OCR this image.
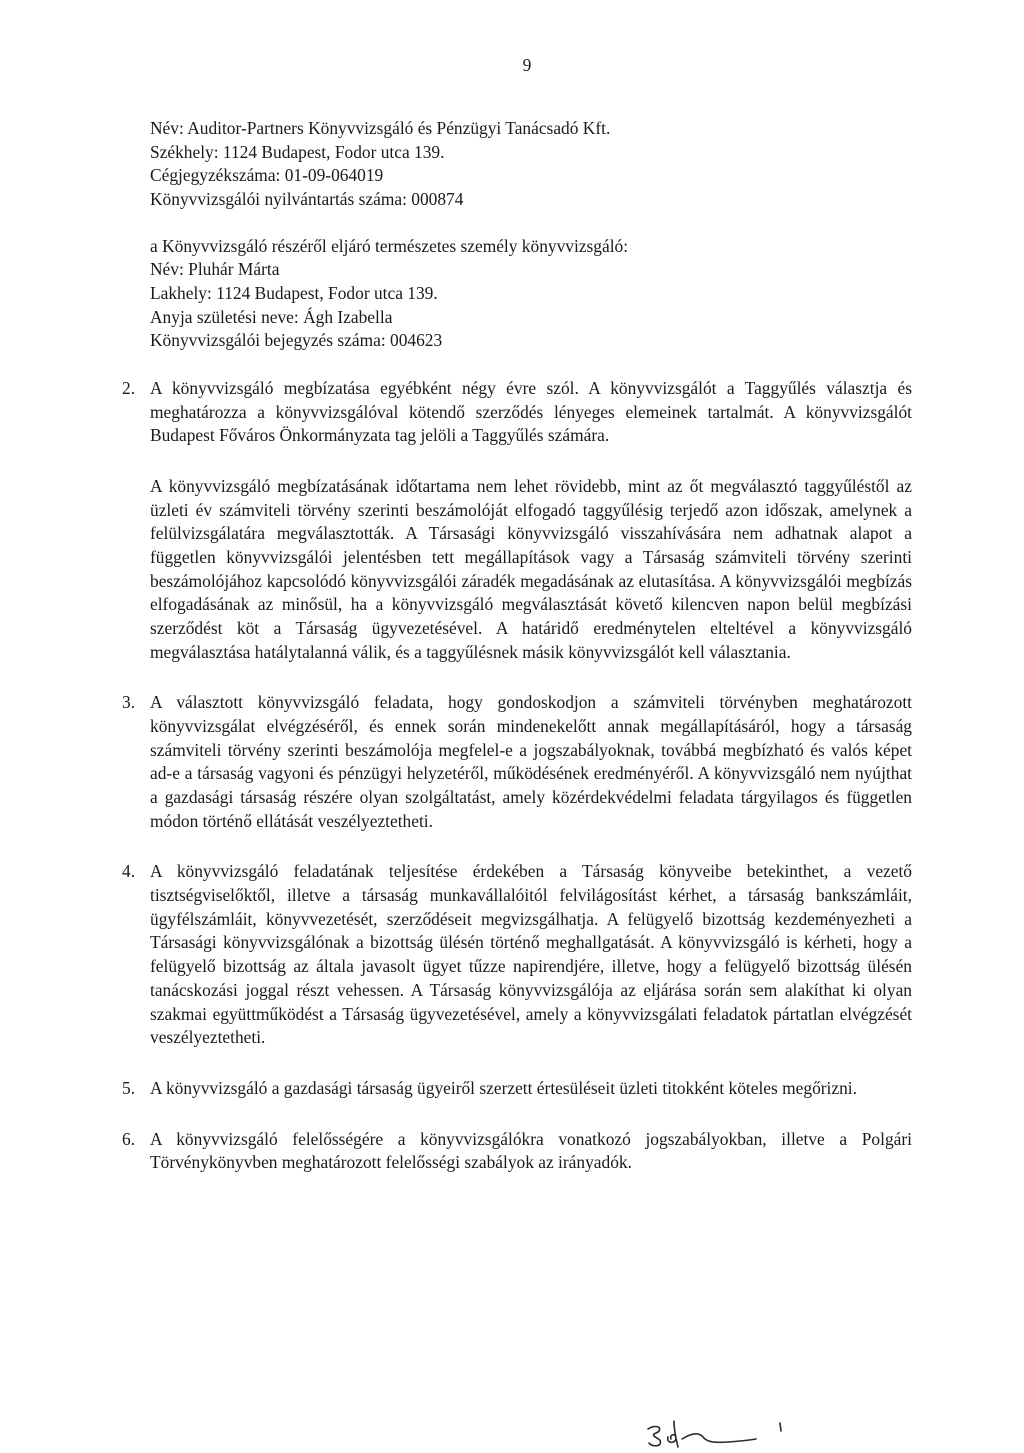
9
Név: Auditor-Partners Könyvvizsgáló és Pénzügyi Tanácsadó Kft.
Székhely: 1124 Budapest, Fodor utca 139.
Cégjegyzékszáma: 01-09-064019
Könyvvizsgálói nyilvántartás száma: 000874
a Könyvvizsgáló részéről eljáró természetes személy könyvvizsgáló:
Név: Pluhár Márta
Lakhely: 1124 Budapest, Fodor utca 139.
Anyja születési neve: Ágh Izabella
Könyvvizsgálói bejegyzés száma: 004623
2. A könyvvizsgáló megbízatása egyébként négy évre szól. A könyvvizsgálót a Taggyűlés választja és meghatározza a könyvvizsgálóval kötendő szerződés lényeges elemeinek tartalmát. A könyvvizsgálót Budapest Főváros Önkormányzata tag jelöli a Taggyűlés számára.

A könyvvizsgáló megbízatásának időtartama nem lehet rövidebb, mint az őt megválasztó taggyűléstől az üzleti év számviteli törvény szerinti beszámolóját elfogadó taggyűlésig terjedő azon időszak, amelynek a felülvizsgálatára megválasztották. A Társasági könyvvizsgáló visszahívására nem adhatnak alapot a független könyvvizsgálói jelentésben tett megállapítások vagy a Társaság számviteli törvény szerinti beszámolójához kapcsolódó könyvvizsgálói záradék megadásának az elutasítása. A könyvvizsgálói megbízás elfogadásának az minősül, ha a könyvvizsgáló megválasztását követő kilencven napon belül megbízási szerződést köt a Társaság ügyvezetésével. A határidő eredménytelen elteltével a könyvvizsgáló megválasztása hatálytalanná válik, és a taggyűlésnek másik könyvvizsgálót kell választania.

3. A választott könyvvizsgáló feladata, hogy gondoskodjon a számviteli törvényben meghatározott könyvvizsgálat elvégzéséről, és ennek során mindenekelőtt annak megállapításáról, hogy a társaság számviteli törvény szerinti beszámolója megfelel-e a jogszabályoknak, továbbá megbízható és valós képet ad-e a társaság vagyoni és pénzügyi helyzetéről, működésének eredményéről. A könyvvizsgáló nem nyújthat a gazdasági társaság részére olyan szolgáltatást, amely közérdekvédelmi feladata tárgyilagos és független módon történő ellátását veszélyeztetheti.
4. A könyvvizsgáló feladatának teljesítése érdekében a Társaság könyveibe betekinthet, a vezető tisztségviselőktől, illetve a társaság munkavállalóitól felvilágosítást kérhet, a társaság bankszámláit, ügyfélszámláit, könyvvezetését, szerződéseit megvizsgálhatja. A felügyelő bizottság kezdeményezheti a Társasági könyvvizsgálónak a bizottság ülésén történő meghallgatását. A könyvvizsgáló is kérheti, hogy a felügyelő bizottság az általa javasolt ügyet tűzze napirendjére, illetve, hogy a felügyelő bizottság ülésén tanácskozási joggal részt vehessen. A Társaság könyvvizsgálója az eljárása során sem alakíthat ki olyan szakmai együttműködést a Társaság ügyvezetésével, amely a könyvvizsgálati feladatok pártatlan elvégzését veszélyeztetheti.
5. A könyvvizsgáló a gazdasági társaság ügyeiről szerzett értesüléseit üzleti titokként köteles megőrizni.
6. A könyvvizsgáló felelősségére a könyvvizsgálókra vonatkozó jogszabályokban, illetve a Polgári Törvénykönyvben meghatározott felelősségi szabályok az irányadók.
